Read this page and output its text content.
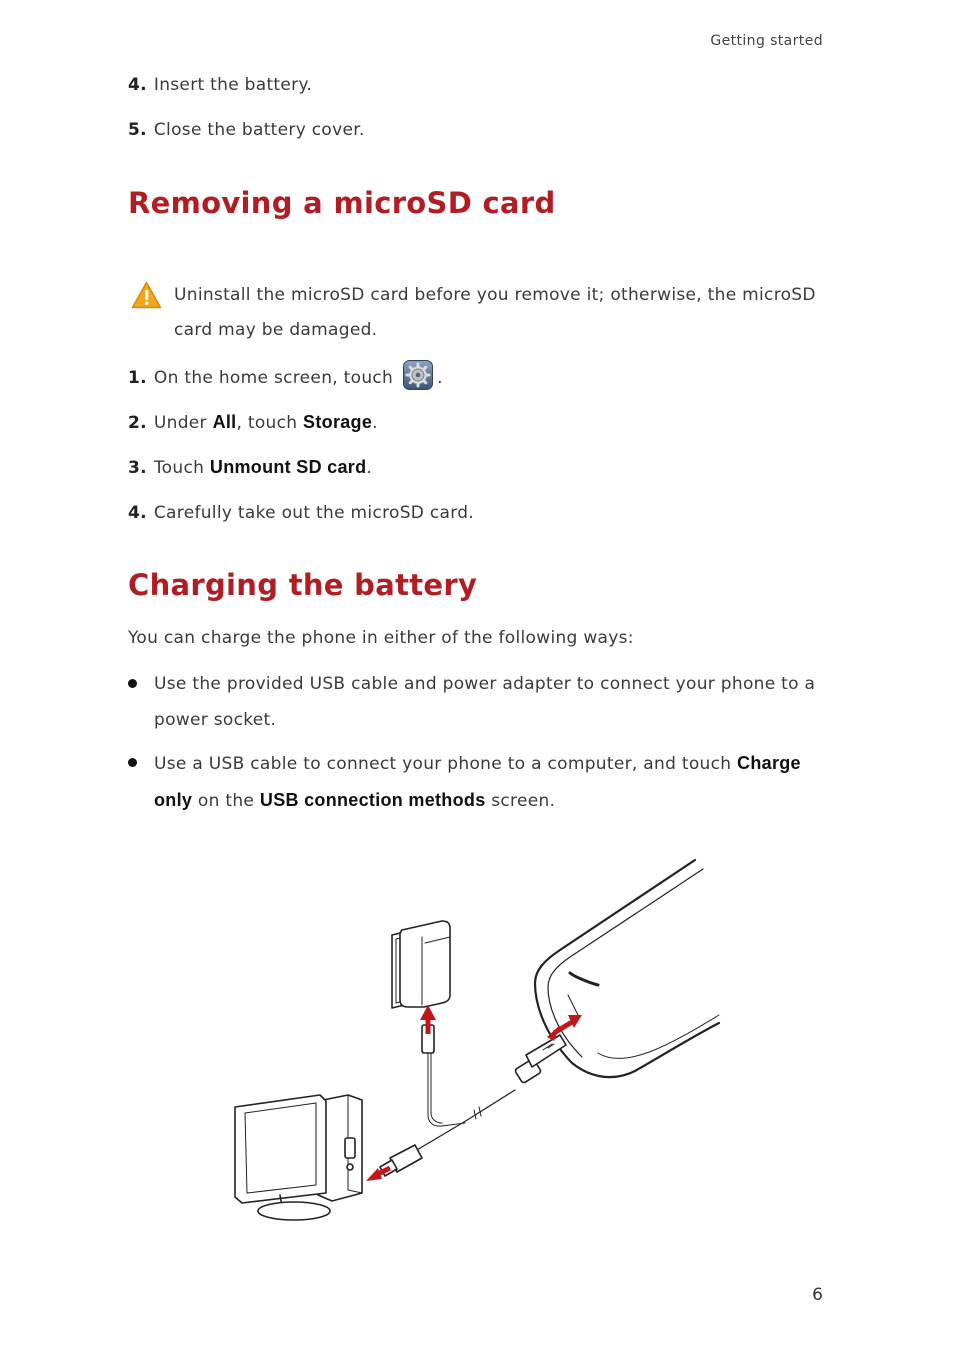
Getting started
4. Insert the battery.
5. Close the battery cover.
Removing a microSD card
Uninstall the microSD card before you remove it; otherwise, the microSD card may be damaged.
1. On the home screen, touch	.
2. Under All, touch Storage.
3. Touch Unmount SD card.
4. Carefully take out the microSD card.
Charging the battery
You can charge the phone in either of the following ways:
Use the provided USB cable and power adapter to connect your phone to a power socket.
Use a USB cable to connect your phone to a computer, and touch Charge only on the USB connection methods screen.
6
